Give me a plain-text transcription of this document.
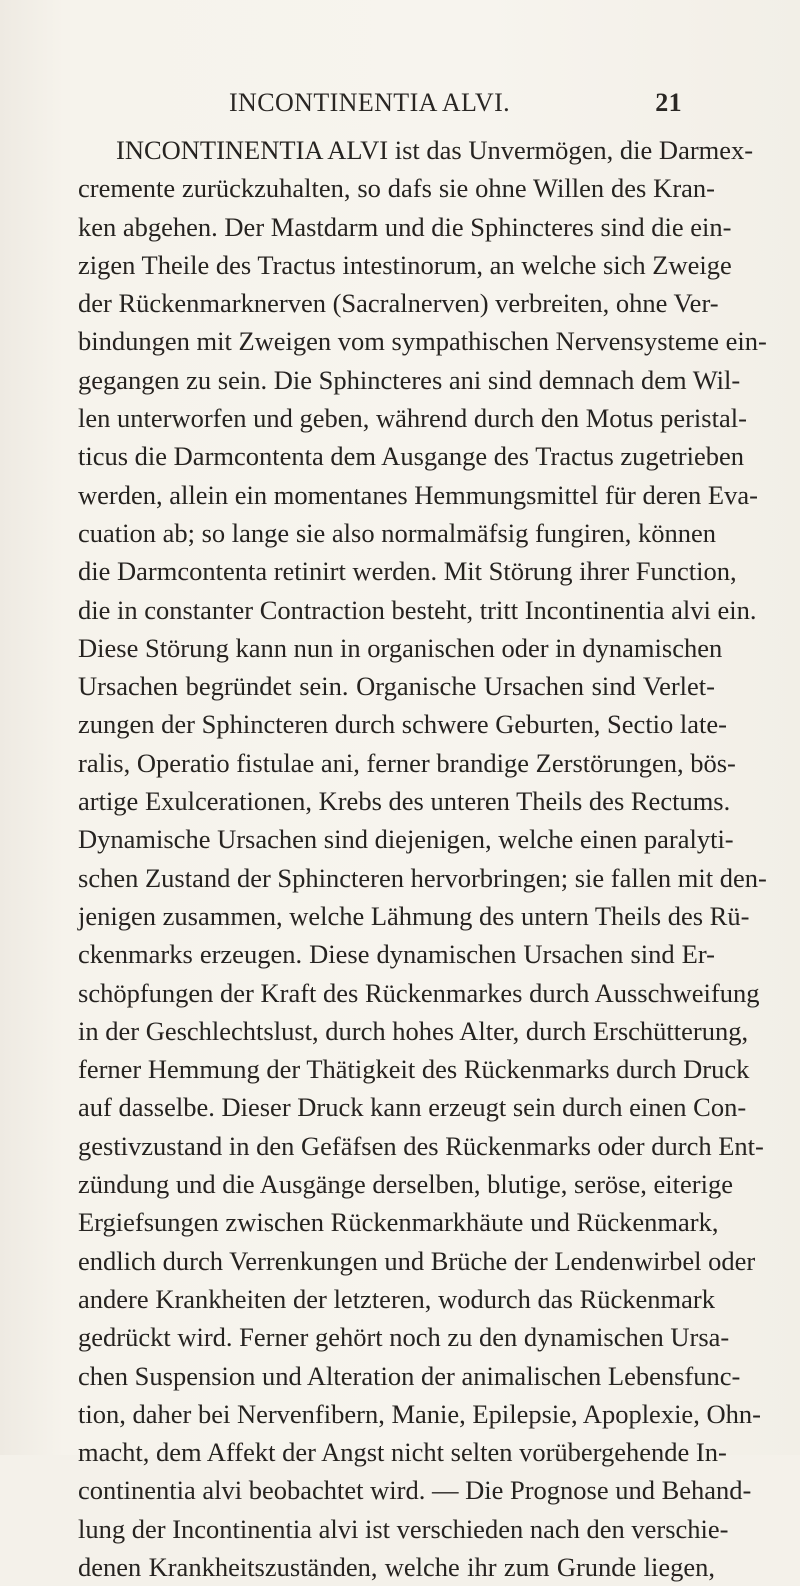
INCONTINENTIA ALVI.	21
INCONTINENTIA ALVI ist das Unvermögen, die Darmex-
cremente zurückzuhalten, so dafs sie ohne Willen des Kran-
ken abgehen. Der Mastdarm und die Sphincteres sind die ein-
zigen Theile des Tractus intestinorum, an welche sich Zweige
der Rückenmarknerven (Sacralnerven) verbreiten, ohne Ver-
bindungen mit Zweigen vom sympathischen Nervensysteme ein-
gegangen zu sein. Die Sphincteres ani sind demnach dem Wil-
len unterworfen und geben, während durch den Motus peristal-
ticus die Darmcontenta dem Ausgange des Tractus zugetrieben
werden, allein ein momentanes Hemmungsmittel für deren Eva-
cuation ab; so lange sie also normalmäfsig fungiren, können
die Darmcontenta retinirt werden. Mit Störung ihrer Function,
die in constanter Contraction besteht, tritt Incontinentia alvi ein.
Diese Störung kann nun in organischen oder in dynamischen
Ursachen begründet sein. Organische Ursachen sind Verlet-
zungen der Sphincteren durch schwere Geburten, Sectio late-
ralis, Operatio fistulae ani, ferner brandige Zerstörungen, bös-
artige Exulcerationen, Krebs des unteren Theils des Rectums.
Dynamische Ursachen sind diejenigen, welche einen paralyti-
schen Zustand der Sphincteren hervorbringen; sie fallen mit den-
jenigen zusammen, welche Lähmung des untern Theils des Rü-
ckenmarks erzeugen. Diese dynamischen Ursachen sind Er-
schöpfungen der Kraft des Rückenmarkes durch Ausschweifung
in der Geschlechtslust, durch hohes Alter, durch Erschütterung,
ferner Hemmung der Thätigkeit des Rückenmarks durch Druck
auf dasselbe. Dieser Druck kann erzeugt sein durch einen Con-
gestivzustand in den Gefäfsen des Rückenmarks oder durch Ent-
zündung und die Ausgänge derselben, blutige, seröse, eiterige
Ergiefsungen zwischen Rückenmarkhäute und Rückenmark,
endlich durch Verrenkungen und Brüche der Lendenwirbel oder
andere Krankheiten der letzteren, wodurch das Rückenmark
gedrückt wird. Ferner gehört noch zu den dynamischen Ursa-
chen Suspension und Alteration der animalischen Lebensfunc-
tion, daher bei Nervenfibern, Manie, Epilepsie, Apoplexie, Ohn-
macht, dem Affekt der Angst nicht selten vorübergehende In-
continentia alvi beobachtet wird. — Die Prognose und Behand-
lung der Incontinentia alvi ist verschieden nach den verschie-
denen Krankheitszuständen, welche ihr zum Grunde liegen,
